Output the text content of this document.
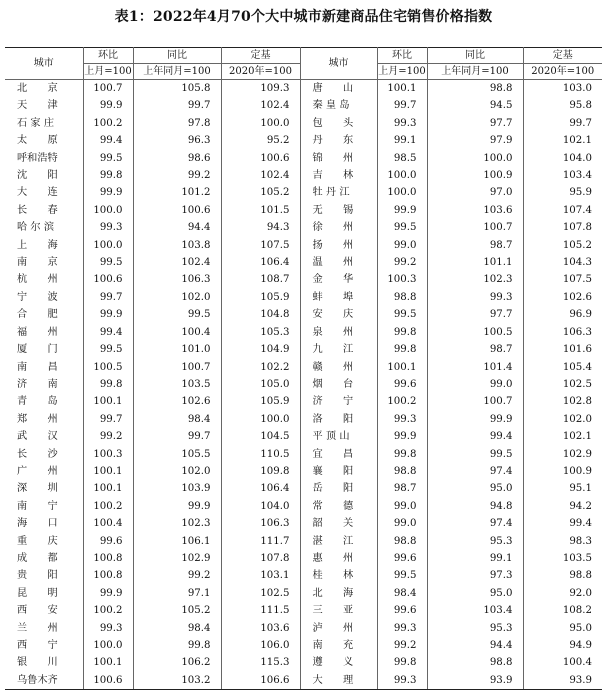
表1：2022年4月70个大中城市新建商品住宅销售价格指数
城市	环比	同比	定基	城市	环比	同比	定基
	上月=100	上年同月=100	2020年=100		上月=100	上年同月=100	2020年=100
北　　京	100.7	105.8	109.3	唐　　山	100.1	98.8	103.0
天　　津	99.9	99.7	102.4	秦 皇 岛	99.7	94.5	95.8
石 家 庄	100.2	97.8	100.0	包　　头	99.3	97.7	99.7
太　　原	99.4	96.3	95.2	丹　　东	99.1	97.9	102.1
呼和浩特	99.5	98.6	100.6	锦　　州	98.5	100.0	104.0
沈　　阳	99.8	99.2	102.4	吉　　林	100.0	100.9	103.4
大　　连	99.9	101.2	105.2	牡 丹 江	100.0	97.0	95.9
长　　春	100.0	100.6	101.5	无　　锡	99.9	103.6	107.4
哈 尔 滨	99.3	94.4	94.3	徐　　州	99.5	100.7	107.8
上　　海	100.0	103.8	107.5	扬　　州	99.0	98.7	105.2
南　　京	99.5	102.4	106.4	温　　州	99.2	101.1	104.3
杭　　州	100.6	106.3	108.7	金　　华	100.3	102.3	107.5
宁　　波	99.7	102.0	105.9	蚌　　埠	98.8	99.3	102.6
合　　肥	99.9	99.5	104.8	安　　庆	99.5	97.7	96.9
福　　州	99.4	100.4	105.3	泉　　州	99.8	100.5	106.3
厦　　门	99.5	101.0	104.9	九　　江	99.8	98.7	101.6
南　　昌	100.5	100.7	102.2	赣　　州	100.1	101.4	105.4
济　　南	99.8	103.5	105.0	烟　　台	99.6	99.0	102.5
青　　岛	100.1	102.6	105.9	济　　宁	100.2	100.7	102.8
郑　　州	99.7	98.4	100.0	洛　　阳	99.3	99.9	102.0
武　　汉	99.2	99.7	104.5	平 顶 山	99.9	99.4	102.1
长　　沙	100.3	105.5	110.5	宜　　昌	99.8	99.5	102.9
广　　州	100.1	102.0	109.8	襄　　阳	98.8	97.4	100.9
深　　圳	100.1	103.9	106.4	岳　　阳	98.7	95.0	95.1
南　　宁	100.2	99.9	104.0	常　　德	99.0	94.8	94.2
海　　口	100.4	102.3	106.3	韶　　关	99.0	97.4	99.4
重　　庆	99.6	106.1	111.7	湛　　江	98.8	95.3	98.3
成　　都	100.8	102.9	107.8	惠　　州	99.6	99.1	103.5
贵　　阳	100.8	99.2	103.1	桂　　林	99.5	97.3	98.8
昆　　明	99.9	97.1	102.5	北　　海	98.4	95.0	92.0
西　　安	100.2	105.2	111.5	三　　亚	99.6	103.4	108.2
兰　　州	99.3	98.4	103.6	泸　　州	99.3	95.3	95.0
西　　宁	100.0	99.8	106.0	南　　充	99.2	94.4	94.9
银　　川	100.1	106.2	115.3	遵　　义	99.8	98.8	100.4
乌鲁木齐	100.6	103.2	106.6	大　　理	99.3	93.9	93.9
